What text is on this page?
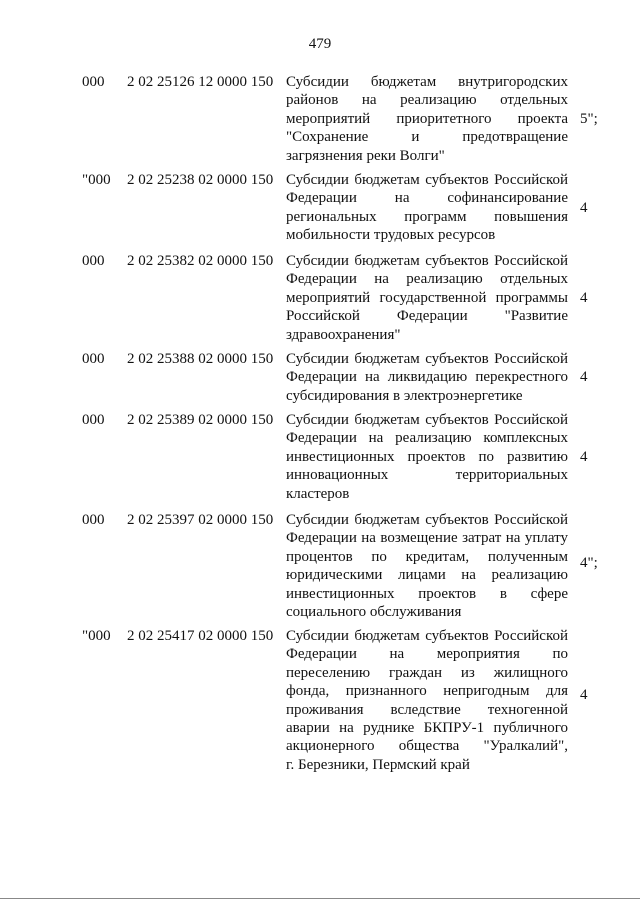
479
000 2 02 25126 12 0000 150 Субсидии бюджетам внутригородских
районов на реализацию отдельных
мероприятий приоритетного проекта
"Сохранение и предотвращение
загрязнения реки Волги"
5";
"000 2 02 25238 02 0000 150 Субсидии бюджетам субъектов Российской
Федерации на софинансирование
региональных программ повышения
мобильности трудовых ресурсов
4
000 2 02 25382 02 0000 150 Субсидии бюджетам субъектов Российской
Федерации на реализацию отдельных
мероприятий государственной программы
Российской Федерации "Развитие
здравоохранения"
4
000 2 02 25388 02 0000 150 Субсидии бюджетам субъектов Российской
Федерации на ликвидацию перекрестного
субсидирования в электроэнергетике
4
000 2 02 25389 02 0000 150 Субсидии бюджетам субъектов Российской
Федерации на реализацию комплексных
инвестиционных проектов по развитию
инновационных территориальных
кластеров
4
000 2 02 25397 02 0000 150 Субсидии бюджетам субъектов Российской
Федерации на возмещение затрат на уплату
процентов по кредитам, полученным
юридическими лицами на реализацию
инвестиционных проектов в сфере
социального обслуживания
4";
"000 2 02 25417 02 0000 150 Субсидии бюджетам субъектов Российской
Федерации на мероприятия по
переселению граждан из жилищного
фонда, признанного непригодным для
проживания вследствие техногенной
аварии на руднике БКПРУ-1 публичного
акционерного общества "Уралкалий",
г. Березники, Пермский край
4
